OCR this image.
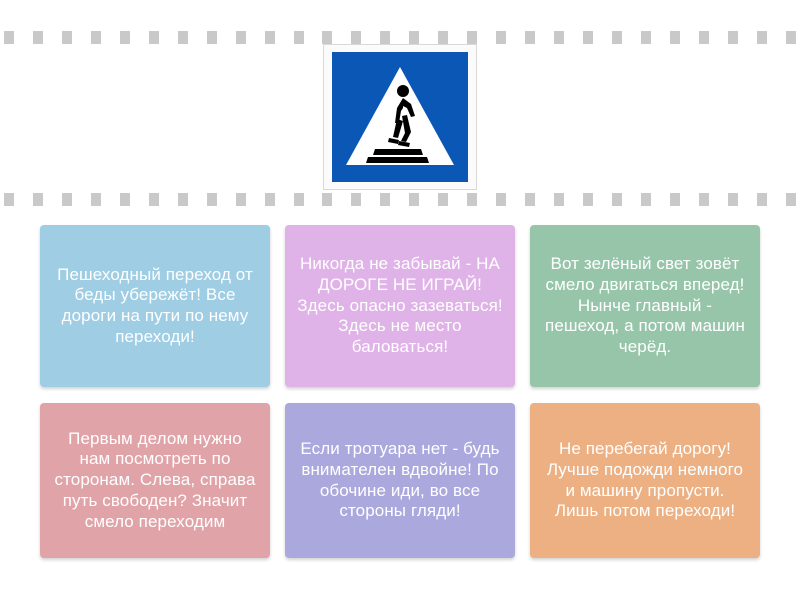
Пешеходный переход от беды убережёт! Все дороги на пути по нему переходи!
Никогда не забывай - НА ДОРОГЕ НЕ ИГРАЙ! Здесь опасно зазеваться! Здесь не место баловаться!
Вот зелёный свет зовёт смело двигаться вперед! Нынче главный - пешеход, а потом машин черёд.
Первым делом нужно нам посмотреть по сторонам. Слева, справа путь свободен? Значит смело переходим
Если тротуара нет - будь внимателен вдвойне! По обочине иди, во все стороны гляди!
Не перебегай дорогу! Лучше подожди немного и машину пропусти. Лишь потом переходи!
